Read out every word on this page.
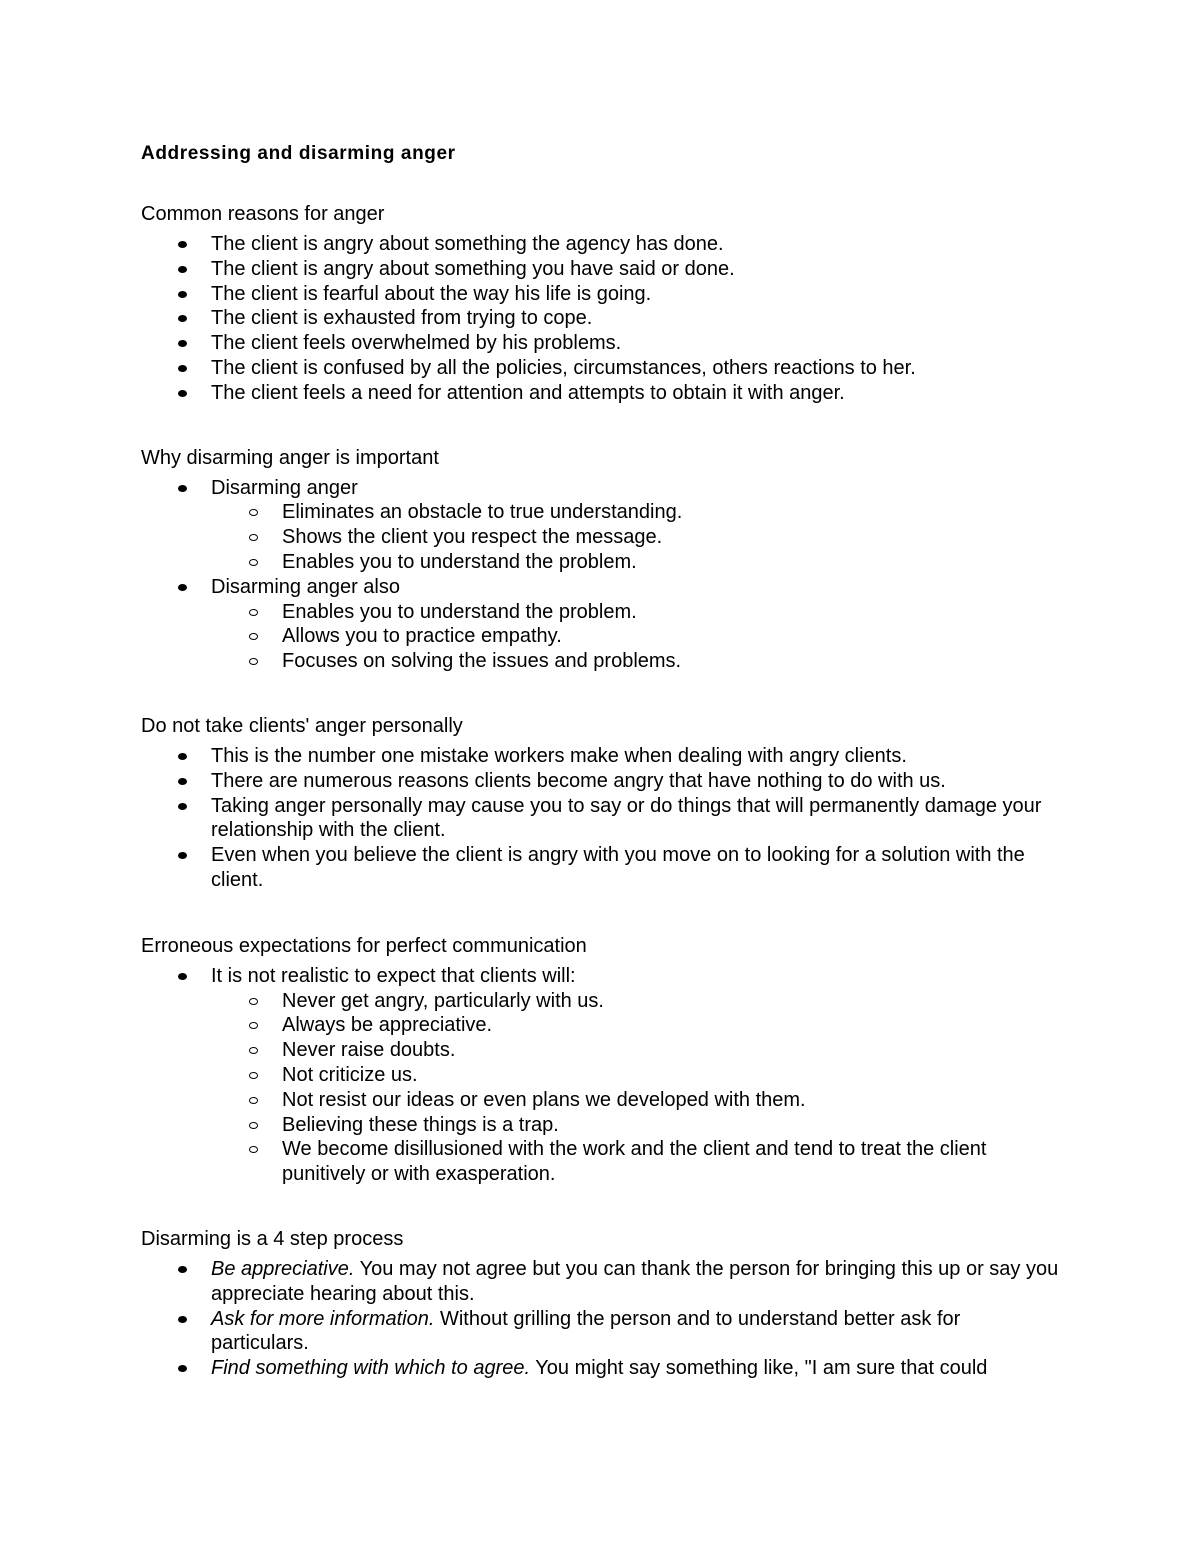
Addressing and disarming anger

Common reasons for anger

The client is angry about something the agency has done.
The client is angry about something you have said or done.
The client is fearful about the way his life is going.
The client is exhausted from trying to cope.
The client feels overwhelmed by his problems.
The client is confused by all the policies, circumstances, others reactions to her.
The client feels a need for attention and attempts to obtain it with anger.

Why disarming anger is important

Disarming anger
Eliminates an obstacle to true understanding.
Shows the client you respect the message.
Enables you to understand the problem.
Disarming anger also
Enables you to understand the problem.
Allows you to practice empathy.
Focuses on solving the issues and problems.

Do not take clients' anger personally

This is the number one mistake workers make when dealing with angry clients.
There are numerous reasons clients become angry that have nothing to do with us.
Taking anger personally may cause you to say or do things that will permanently damage your relationship with the client.
Even when you believe the client is angry with you move on to looking for a solution with the client.

Erroneous expectations for perfect communication

It is not realistic to expect that clients will:
Never get angry, particularly with us.
Always be appreciative.
Never raise doubts.
Not criticize us.
Not resist our ideas or even plans we developed with them.
Believing these things is a trap.
We become disillusioned with the work and the client and tend to treat the client punitively or with exasperation.

Disarming is a 4 step process

Be appreciative. You may not agree but you can thank the person for bringing this up or say you appreciate hearing about this.
Ask for more information. Without grilling the person and to understand better ask for particulars.
Find something with which to agree. You might say something like, "I am sure that could
